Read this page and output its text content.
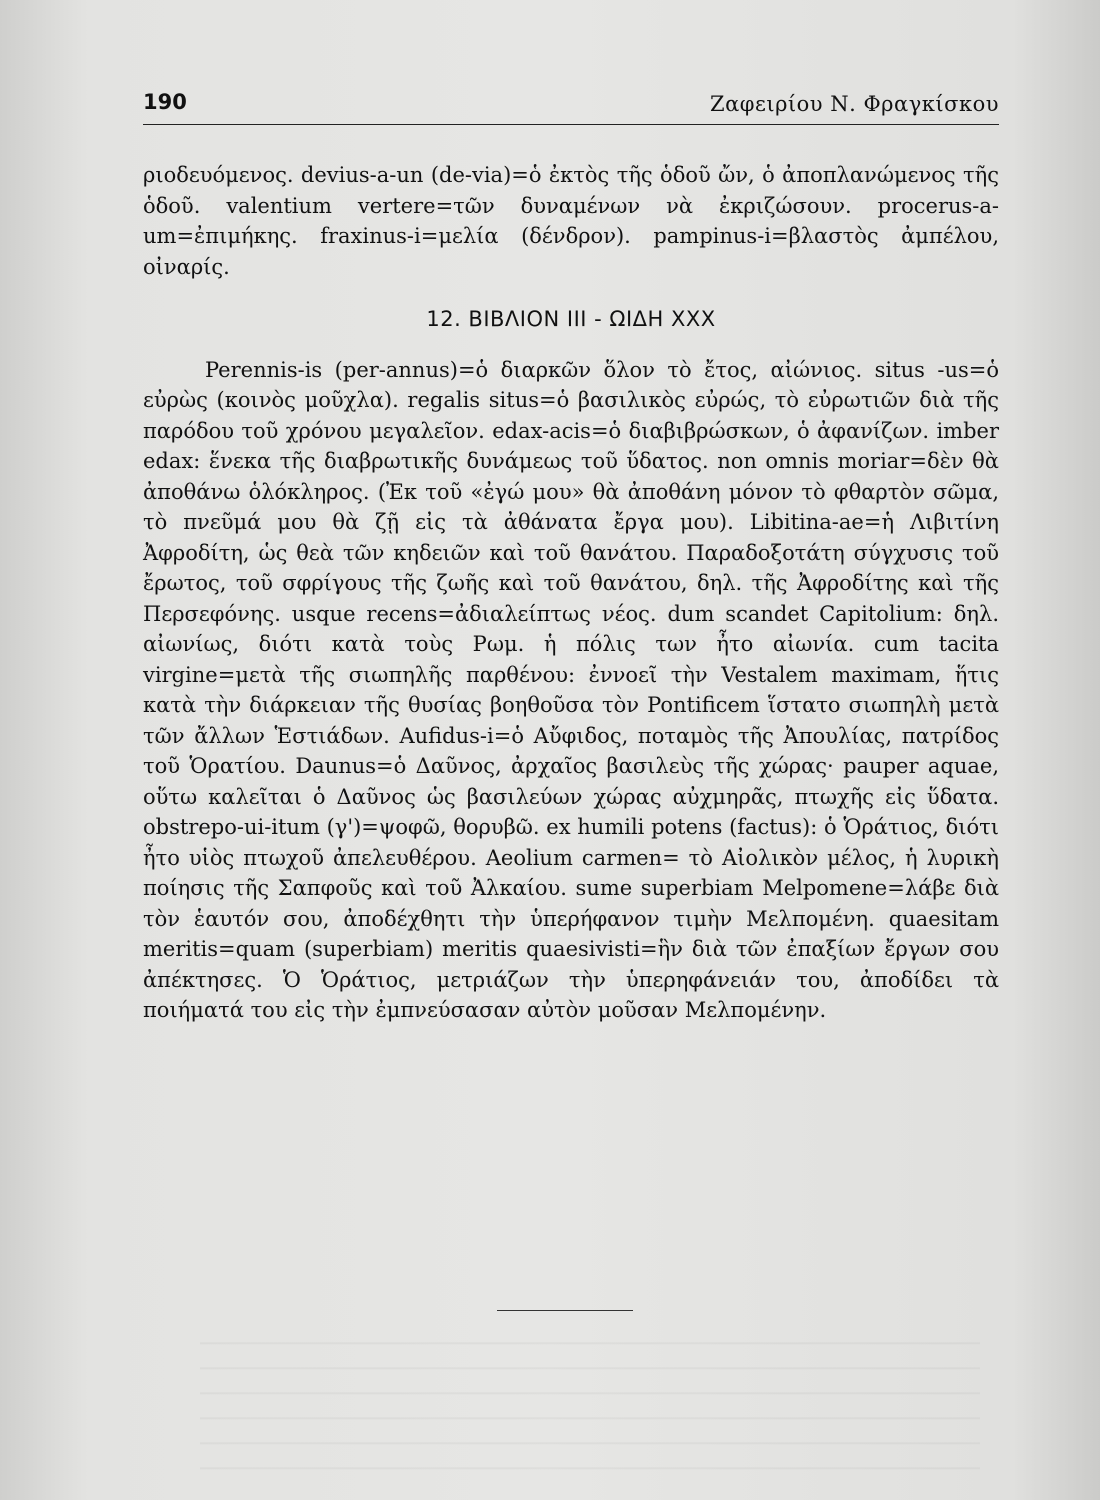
190	Ζαφειρίου Ν. Φραγκίσκου

ριοδευόμενος. devius-a-un (de-via)=ὁ ἐκτὸς τῆς ὁδοῦ ὤν, ὁ ἀποπλανώμενος τῆς ὁδοῦ. valentium vertere=τῶν δυναμένων νὰ ἐκριζώσουν. procerus-a-um=ἐπιμήκης. fraxinus-i=μελία (δένδρον). pampinus-i=βλαστὸς ἀμπέλου, οἰναρίς.

12. ΒΙΒΛΙΟΝ ΙΙΙ - ΩΙΔΗ XXX

Perennis-is (per-annus)=ὁ διαρκῶν ὅλον τὸ ἔτος, αἰώνιος. situs -us=ὁ εὐρὼς (κοινὸς μοῦχλα). regalis situs=ὁ βασιλικὸς εὐρώς, τὸ εὐρωτιῶν διὰ τῆς παρόδου τοῦ χρόνου μεγαλεῖον. edax-acis=ὁ διαβιβρώσκων, ὁ ἀφανίζων. imber edax: ἕνεκα τῆς διαβρωτικῆς δυνάμεως τοῦ ὕδατος. non omnis moriar=δὲν θὰ ἀποθάνω ὁλόκληρος. (Ἐκ τοῦ «ἐγώ μου» θὰ ἀποθάνη μόνον τὸ φθαρτὸν σῶμα, τὸ πνεῦμά μου θὰ ζῇ εἰς τὰ ἀθάνατα ἔργα μου). Libitina-ae=ἡ Λιβιτίνη Ἀφροδίτη, ὡς θεὰ τῶν κηδειῶν καὶ τοῦ θανάτου. Παραδοξοτάτη σύγχυσις τοῦ ἔρωτος, τοῦ σφρίγους τῆς ζωῆς καὶ τοῦ θανάτου, δηλ. τῆς Ἀφροδίτης καὶ τῆς Περσεφόνης. usque recens=ἀδιαλείπτως νέος. dum scandet Capitolium: δηλ. αἰωνίως, διότι κατὰ τοὺς Ρωμ. ἡ πόλις των ἦτο αἰωνία. cum tacita virgine=μετὰ τῆς σιωπηλῆς παρθένου: ἐννοεῖ τὴν Vestalem maximam, ἥτις κατὰ τὴν διάρκειαν τῆς θυσίας βοηθοῦσα τὸν Pontificem ἵστατο σιωπηλὴ μετὰ τῶν ἄλλων Ἑστιάδων. Aufidus-i=ὁ Αὔφιδος, ποταμὸς τῆς Ἀπουλίας, πατρίδος τοῦ Ὁρατίου. Daunus=ὁ Δαῦνος, ἀρχαῖος βασιλεὺς τῆς χώρας· pauper aquae, οὕτω καλεῖται ὁ Δαῦνος ὡς βασιλεύων χώρας αὐχμηρᾶς, πτωχῆς εἰς ὕδατα. obstrepo-ui-itum (γ')=ψοφῶ, θορυβῶ. ex humili potens (factus): ὁ Ὁράτιος, διότι ἦτο υἱὸς πτωχοῦ ἀπελευθέρου. Aeolium carmen= τὸ Αἰολικὸν μέλος, ἡ λυρικὴ ποίησις τῆς Σαπφοῦς καὶ τοῦ Ἀλκαίου. sume superbiam Melpomene=λάβε διὰ τὸν ἑαυτόν σου, ἀποδέχθητι τὴν ὑπερήφανον τιμὴν Μελπομένη. quaesitam meritis=quam (superbiam) meritis quaesivisti=ἣν διὰ τῶν ἐπαξίων ἔργων σου ἀπέκτησες. Ὁ Ὁράτιος, μετριάζων τὴν ὑπερηφάνειάν του, ἀποδίδει τὰ ποιήματά του εἰς τὴν ἐμπνεύσασαν αὐτὸν μοῦσαν Μελπομένην.
